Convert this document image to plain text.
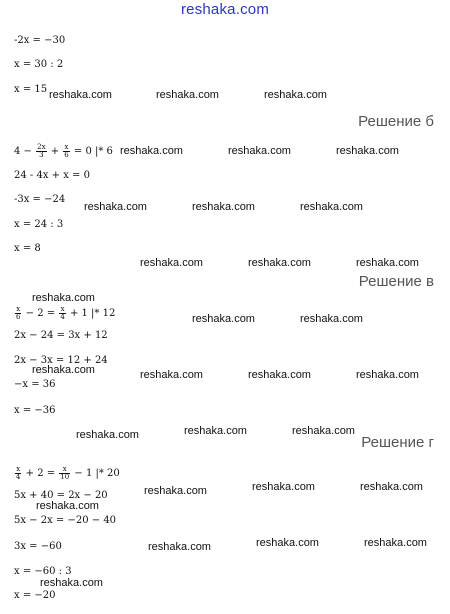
reshaka.com
-2x = −30
x = 30 : 2
x = 15
Решение б
$4 - \frac{2x}{3} + \frac{x}{6} = 0$ |* 6
24 - 4x + x = 0
-3x = −24
x = 24 : 3
x = 8
Решение в
$\frac{x}{6} - 2 = \frac{x}{4} + 1$ |* 12
2x − 24 = 3x + 12
2x − 3x = 12 + 24
−x = 36
x = −36
Решение г
$\frac{x}{4} + 2 = \frac{x}{10} - 1$ |* 20
5x + 40 = 2x − 20
5x − 2x = −20 − 40
3x = −60
x = −60 : 3
x = −20
reshaka.com	reshaka.com	reshaka.com
reshaka.com	reshaka.com	reshaka.com
reshaka.com	reshaka.com	reshaka.com
reshaka.com	reshaka.com	reshaka.com
reshaka.com
reshaka.com	reshaka.com
reshaka.com	reshaka.com	reshaka.com	reshaka.com
reshaka.com	reshaka.com	reshaka.com
reshaka.com	reshaka.com	reshaka.com
reshaka.com
reshaka.com	reshaka.com	reshaka.com
reshaka.com
